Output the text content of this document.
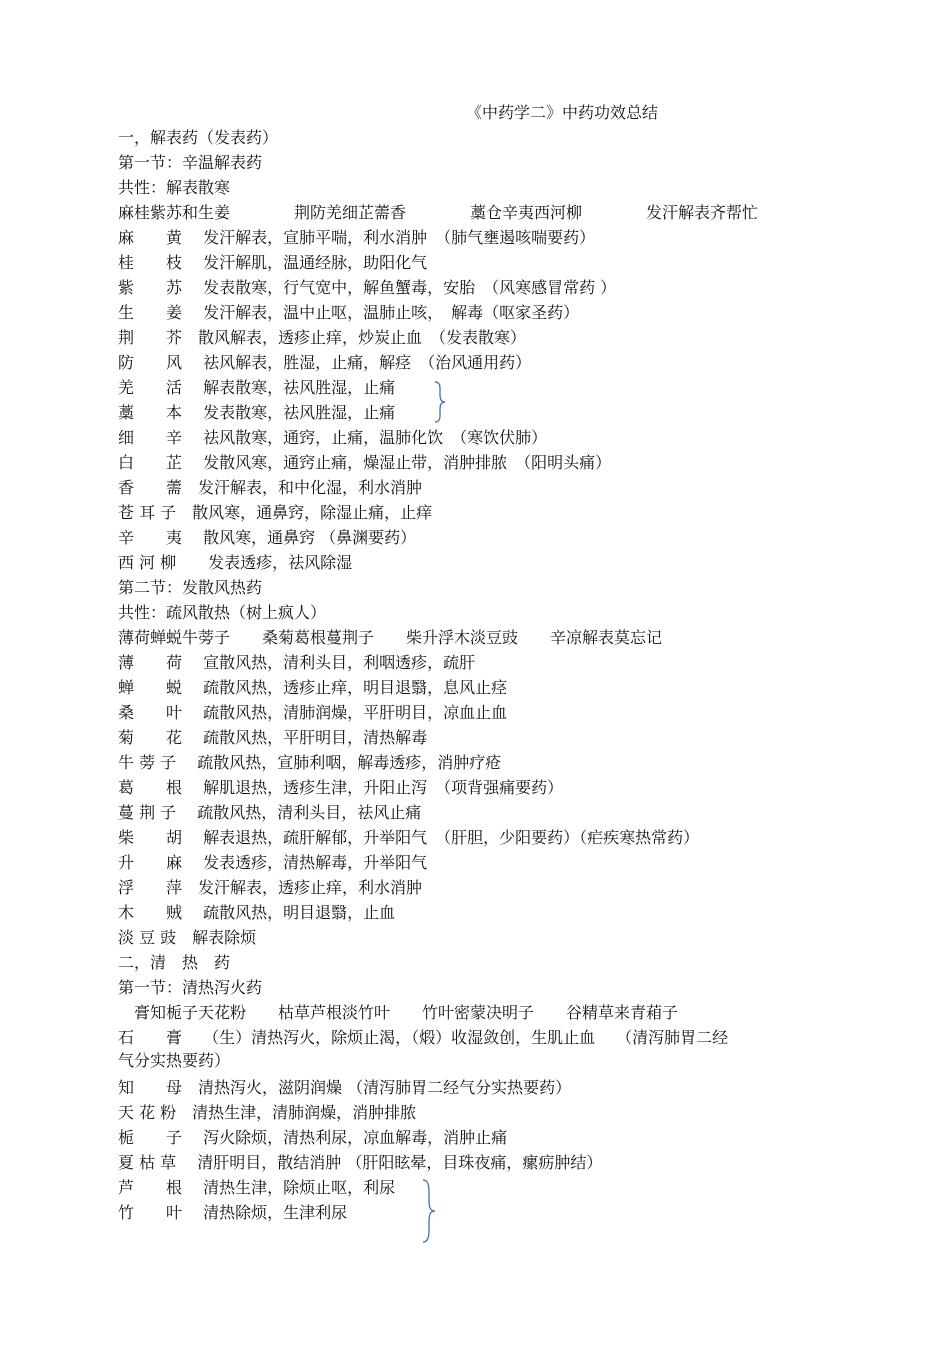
《中药学二》中药功效总结
一，解表药（发表药）
第一节：辛温解表药
共性：解表散寒
麻桂紫苏和生姜　　　　荆防羌细芷薷香　　　　藁仓辛夷西河柳　　　　发汗解表齐帮忙
麻　　黄　 发汗解表，宣肺平喘，利水消肿　（肺气壅遏咳喘要药）
桂　　枝　 发汗解肌，温通经脉，助阳化气
紫　　苏　 发表散寒，行气宽中，解鱼蟹毒，安胎　（风寒感冒常药 ）
生　　姜　 发汗解表，温中止呕，温肺止咳，　解毒（呕家圣药）
荆　　芥　散风解表，透疹止痒，炒炭止血　（发表散寒）
防　　风　 祛风解表，胜湿，止痛，解痉　（治风通用药）
羌　　活　 解表散寒，祛风胜湿，止痛
藁　　本　 发表散寒，祛风胜湿，止痛
细　　辛　 祛风散寒，通窍，止痛，温肺化饮　（寒饮伏肺）
白　　芷　 发散风寒，通窍止痛，燥湿止带，消肿排脓　（阳明头痛）
香　　薷　发汗解表，和中化湿，利水消肿
苍 耳 子　散风寒，通鼻窍，除湿止痛，止痒
辛　　夷　 散风寒，通鼻窍 （鼻渊要药）
西 河 柳　　发表透疹，祛风除湿
第二节：发散风热药
共性：疏风散热（树上疯人）
薄荷蝉蜕牛蒡子　　桑菊葛根蔓荆子　　柴升浮木淡豆豉　　辛凉解表莫忘记
薄　　荷　 宣散风热，清利头目，利咽透疹，疏肝
蝉　　蜕　 疏散风热，透疹止痒，明目退翳，息风止痉
桑　　叶　 疏散风热，清肺润燥，平肝明目，凉血止血
菊　　花　 疏散风热，平肝明目，清热解毒
牛 蒡 子　 疏散风热，宣肺利咽，解毒透疹，消肿疗疮
葛　　根　 解肌退热，透疹生津，升阳止泻　（项背强痛要药）
蔓 荆 子　 疏散风热，清利头目，祛风止痛
柴　　胡　 解表退热，疏肝解郁，升举阳气　（肝胆，少阳要药）（疟疾寒热常药）
升　　麻　 发表透疹，清热解毒，升举阳气
浮　　萍　发汗解表，透疹止痒，利水消肿
木　　贼　 疏散风热，明目退翳，止血
淡 豆 豉　解表除烦
二，清　热　药
第一节：清热泻火药
　膏知栀子天花粉　　枯草芦根淡竹叶　　竹叶密蒙决明子　　谷精草来青葙子
石　　膏　 （生）清热泻火，除烦止渴，（煅）收湿敛创，生肌止血　 （清泻肺胃二经
气分实热要药）
知　　母　清热泻火，滋阴润燥 （清泻肺胃二经气分实热要药）
天 花 粉　清热生津，清肺润燥，消肿排脓
栀　　子　 泻火除烦，清热利尿，凉血解毒，消肿止痛
夏 枯 草　 清肝明目，散结消肿 （肝阳眩晕，目珠夜痛，瘰疬肿结）
芦　　根　 清热生津，除烦止呕，利尿
竹　　叶　 清热除烦，生津利尿
